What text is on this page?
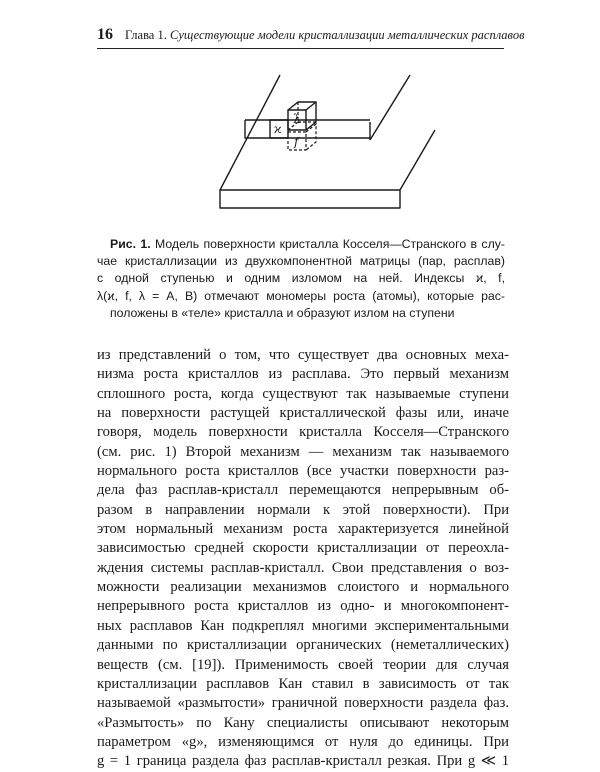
16 Глава 1. Существующие модели кристаллизации металлических расплавов
ϰ
λ
f
Рис. 1. Модель поверхности кристалла Косселя—Странского в слу-
чае кристаллизации из двухкомпонентной матрицы (пар, расплав)
с одной ступенью и одним изломом на ней. Индексы ϰ, f,
λ(ϰ, f, λ = A, B) отмечают мономеры роста (атомы), которые рас-
положены в «теле» кристалла и образуют излом на ступени
из представлений о том, что существует два основных меха-
низма роста кристаллов из расплава. Это первый механизм
сплошного роста, когда существуют так называемые ступени
на поверхности растущей кристаллической фазы или, иначе
говоря, модель поверхности кристалла Косселя—Странского
(см. рис. 1) Второй механизм — механизм так называемого
нормального роста кристаллов (все участки поверхности раз-
дела фаз расплав-кристалл перемещаются непрерывным об-
разом в направлении нормали к этой поверхности). При
этом нормальный механизм роста характеризуется линейной
зависимостью средней скорости кристаллизации от переохла-
ждения системы расплав-кристалл. Свои представления о воз-
можности реализации механизмов слоистого и нормального
непрерывного роста кристаллов из одно- и многокомпонент-
ных расплавов Кан подкреплял многими экспериментальными
данными по кристаллизации органических (неметаллических)
веществ (см. [19]). Применимость своей теории для случая
кристаллизации расплавов Кан ставил в зависимость от так
называемой «размытости» граничной поверхности раздела фаз.
«Размытость» по Кану специалисты описывают некоторым
параметром «g», изменяющимся от нуля до единицы. При
g = 1 граница раздела фаз расплав-кристалл резкая. При g ≪ 1
